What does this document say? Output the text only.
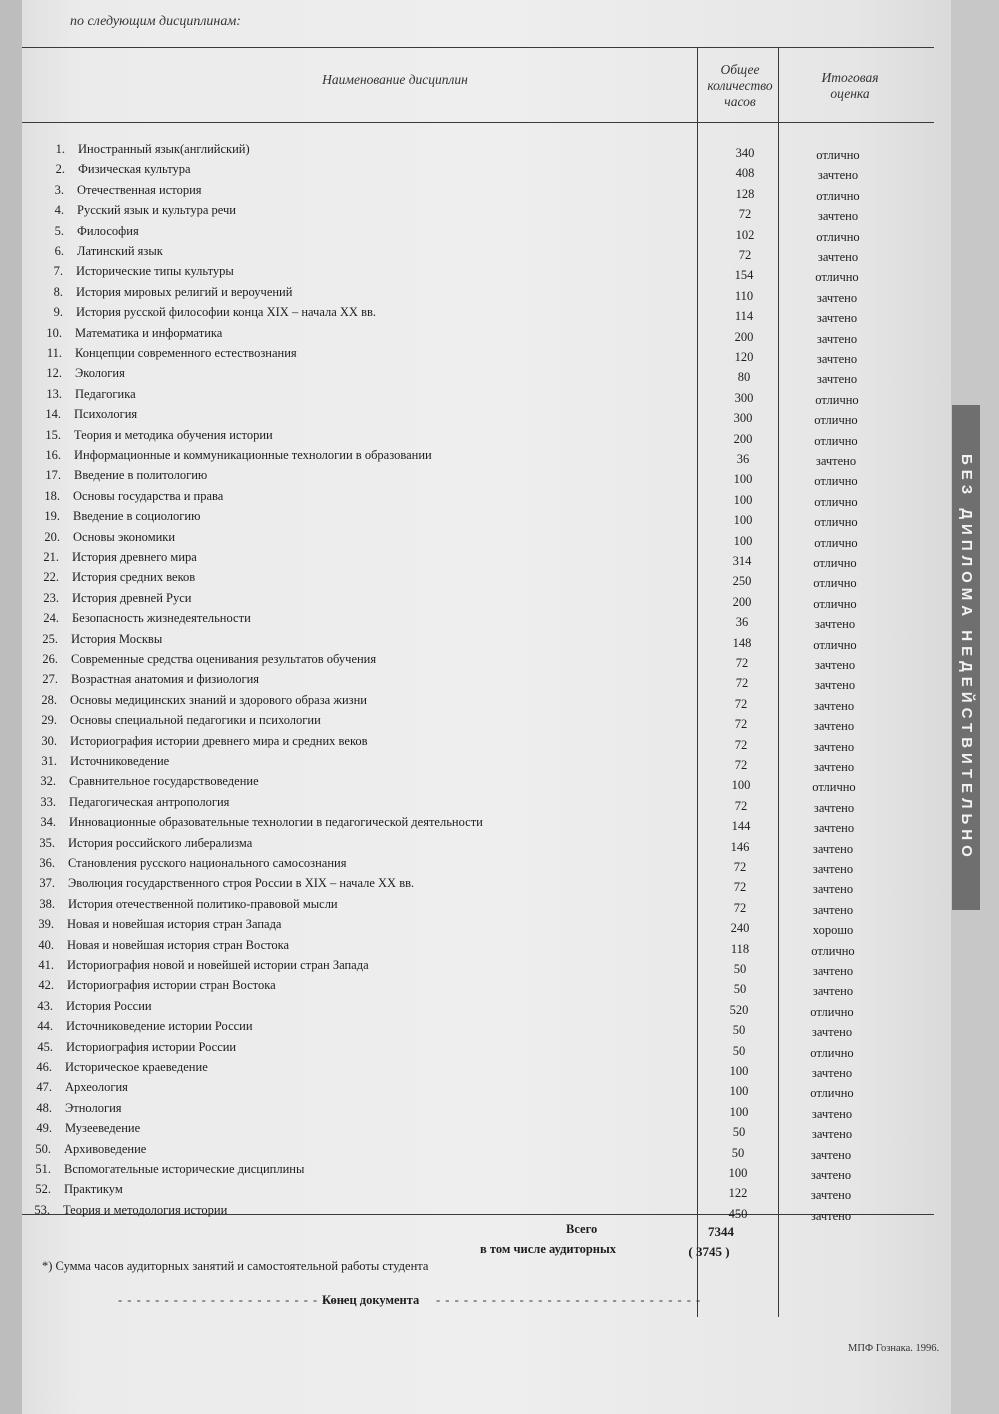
БЕЗ ДИПЛОМА НЕДЕЙСТВИТЕЛЬНО
по следующим дисциплинам:
Наименование дисциплин
Общее
количество
часов
Итоговая
оценка
1. Иностранный язык(английский)	340	отлично
2. Физическая культура	408	зачтено
3. Отечественная история	128	отлично
4. Русский язык и культура речи	72	зачтено
5. Философия	102	отлично
6. Латинский язык	72	зачтено
7. Исторические типы культуры	154	отлично
8. История мировых религий и вероучений	110	зачтено
9. История русской философии конца XIX – начала XX вв.	114	зачтено
10. Математика и информатика	200	зачтено
11. Концепции современного естествознания	120	зачтено
12. Экология	80	зачтено
13. Педагогика	300	отлично
14. Психология	300	отлично
15. Теория и методика обучения истории	200	отлично
16. Информационные и коммуникационные технологии в образовании	36	зачтено
17. Введение в политологию	100	отлично
18. Основы государства и права	100	отлично
19. Введение в социологию	100	отлично
20. Основы экономики	100	отлично
21. История древнего мира	314	отлично
22. История средних веков	250	отлично
23. История древней Руси	200	отлично
24. Безопасность жизнедеятельности	36	зачтено
25. История Москвы	148	отлично
26. Современные средства оценивания результатов обучения	72	зачтено
27. Возрастная анатомия и физиология	72	зачтено
28. Основы медицинских знаний и здорового образа жизни	72	зачтено
29. Основы специальной педагогики и психологии	72	зачтено
30. Историография истории древнего мира и средних веков	72	зачтено
31. Источниковедение	72	зачтено
32. Сравнительное государствоведение	100	отлично
33. Педагогическая антропология	72	зачтено
34. Инновационные образовательные технологии в педагогической деятельности	144	зачтено
35. История российского либерализма	146	зачтено
36. Становления русского национального самосознания	72	зачтено
37. Эволюция государственного строя России в XIX – начале XX вв.	72	зачтено
38. История отечественной политико-правовой мысли	72	зачтено
39. Новая и новейшая история стран Запада	240	хорошо
40. Новая и новейшая история стран Востока	118	отлично
41. Историография новой и новейшей истории стран Запада	50	зачтено
42. Историография истории стран Востока	50	зачтено
43. История России	520	отлично
44. Источниковедение истории России	50	зачтено
45. Историография истории России	50	отлично
46. Историческое краеведение	100	зачтено
47. Археология	100	отлично
48. Этнология	100	зачтено
49. Музееведение	50	зачтено
50. Архивоведение	50	зачтено
51. Вспомогательные исторические дисциплины	100	зачтено
52. Практикум	122	зачтено
53. Теория и методология истории	450	зачтено
Всего	7344
в том числе аудиторных	( 3745 )
*) Сумма часов аудиторных занятий и самостоятельной работы студента
- - - - - - - - - - - - - - - - - - - - - - - - -
Конец документа - - - - - - - - - - - - - - - - - - - - - - - - - - - - -
МПФ Гознака. 1996.
